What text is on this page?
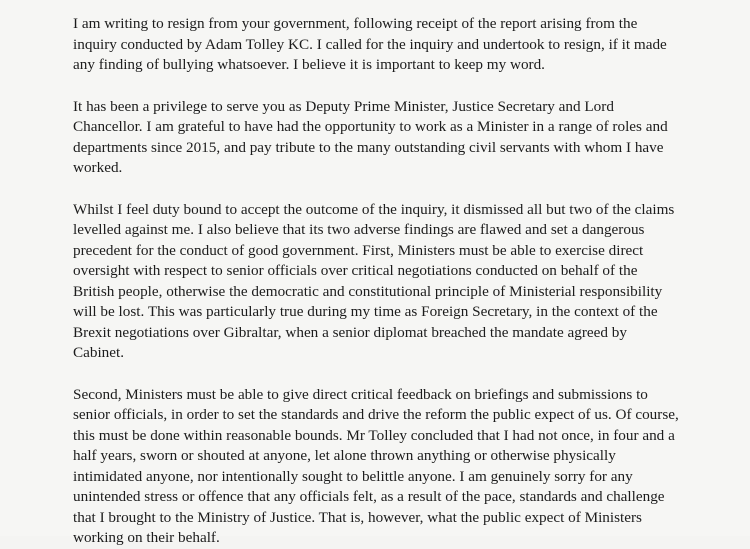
I am writing to resign from your government, following receipt of the report arising from the
inquiry conducted by Adam Tolley KC. I called for the inquiry and undertook to resign, if it made
any finding of bullying whatsoever. I believe it is important to keep my word.

It has been a privilege to serve you as Deputy Prime Minister, Justice Secretary and Lord
Chancellor. I am grateful to have had the opportunity to work as a Minister in a range of roles and
departments since 2015, and pay tribute to the many outstanding civil servants with whom I have
worked.

Whilst I feel duty bound to accept the outcome of the inquiry, it dismissed all but two of the claims
levelled against me. I also believe that its two adverse findings are flawed and set a dangerous
precedent for the conduct of good government. First, Ministers must be able to exercise direct
oversight with respect to senior officials over critical negotiations conducted on behalf of the
British people, otherwise the democratic and constitutional principle of Ministerial responsibility
will be lost. This was particularly true during my time as Foreign Secretary, in the context of the
Brexit negotiations over Gibraltar, when a senior diplomat breached the mandate agreed by
Cabinet.

Second, Ministers must be able to give direct critical feedback on briefings and submissions to
senior officials, in order to set the standards and drive the reform the public expect of us. Of course,
this must be done within reasonable bounds. Mr Tolley concluded that I had not once, in four and a
half years, sworn or shouted at anyone, let alone thrown anything or otherwise physically
intimidated anyone, nor intentionally sought to belittle anyone. I am genuinely sorry for any
unintended stress or offence that any officials felt, as a result of the pace, standards and challenge
that I brought to the Ministry of Justice. That is, however, what the public expect of Ministers
working on their behalf.
